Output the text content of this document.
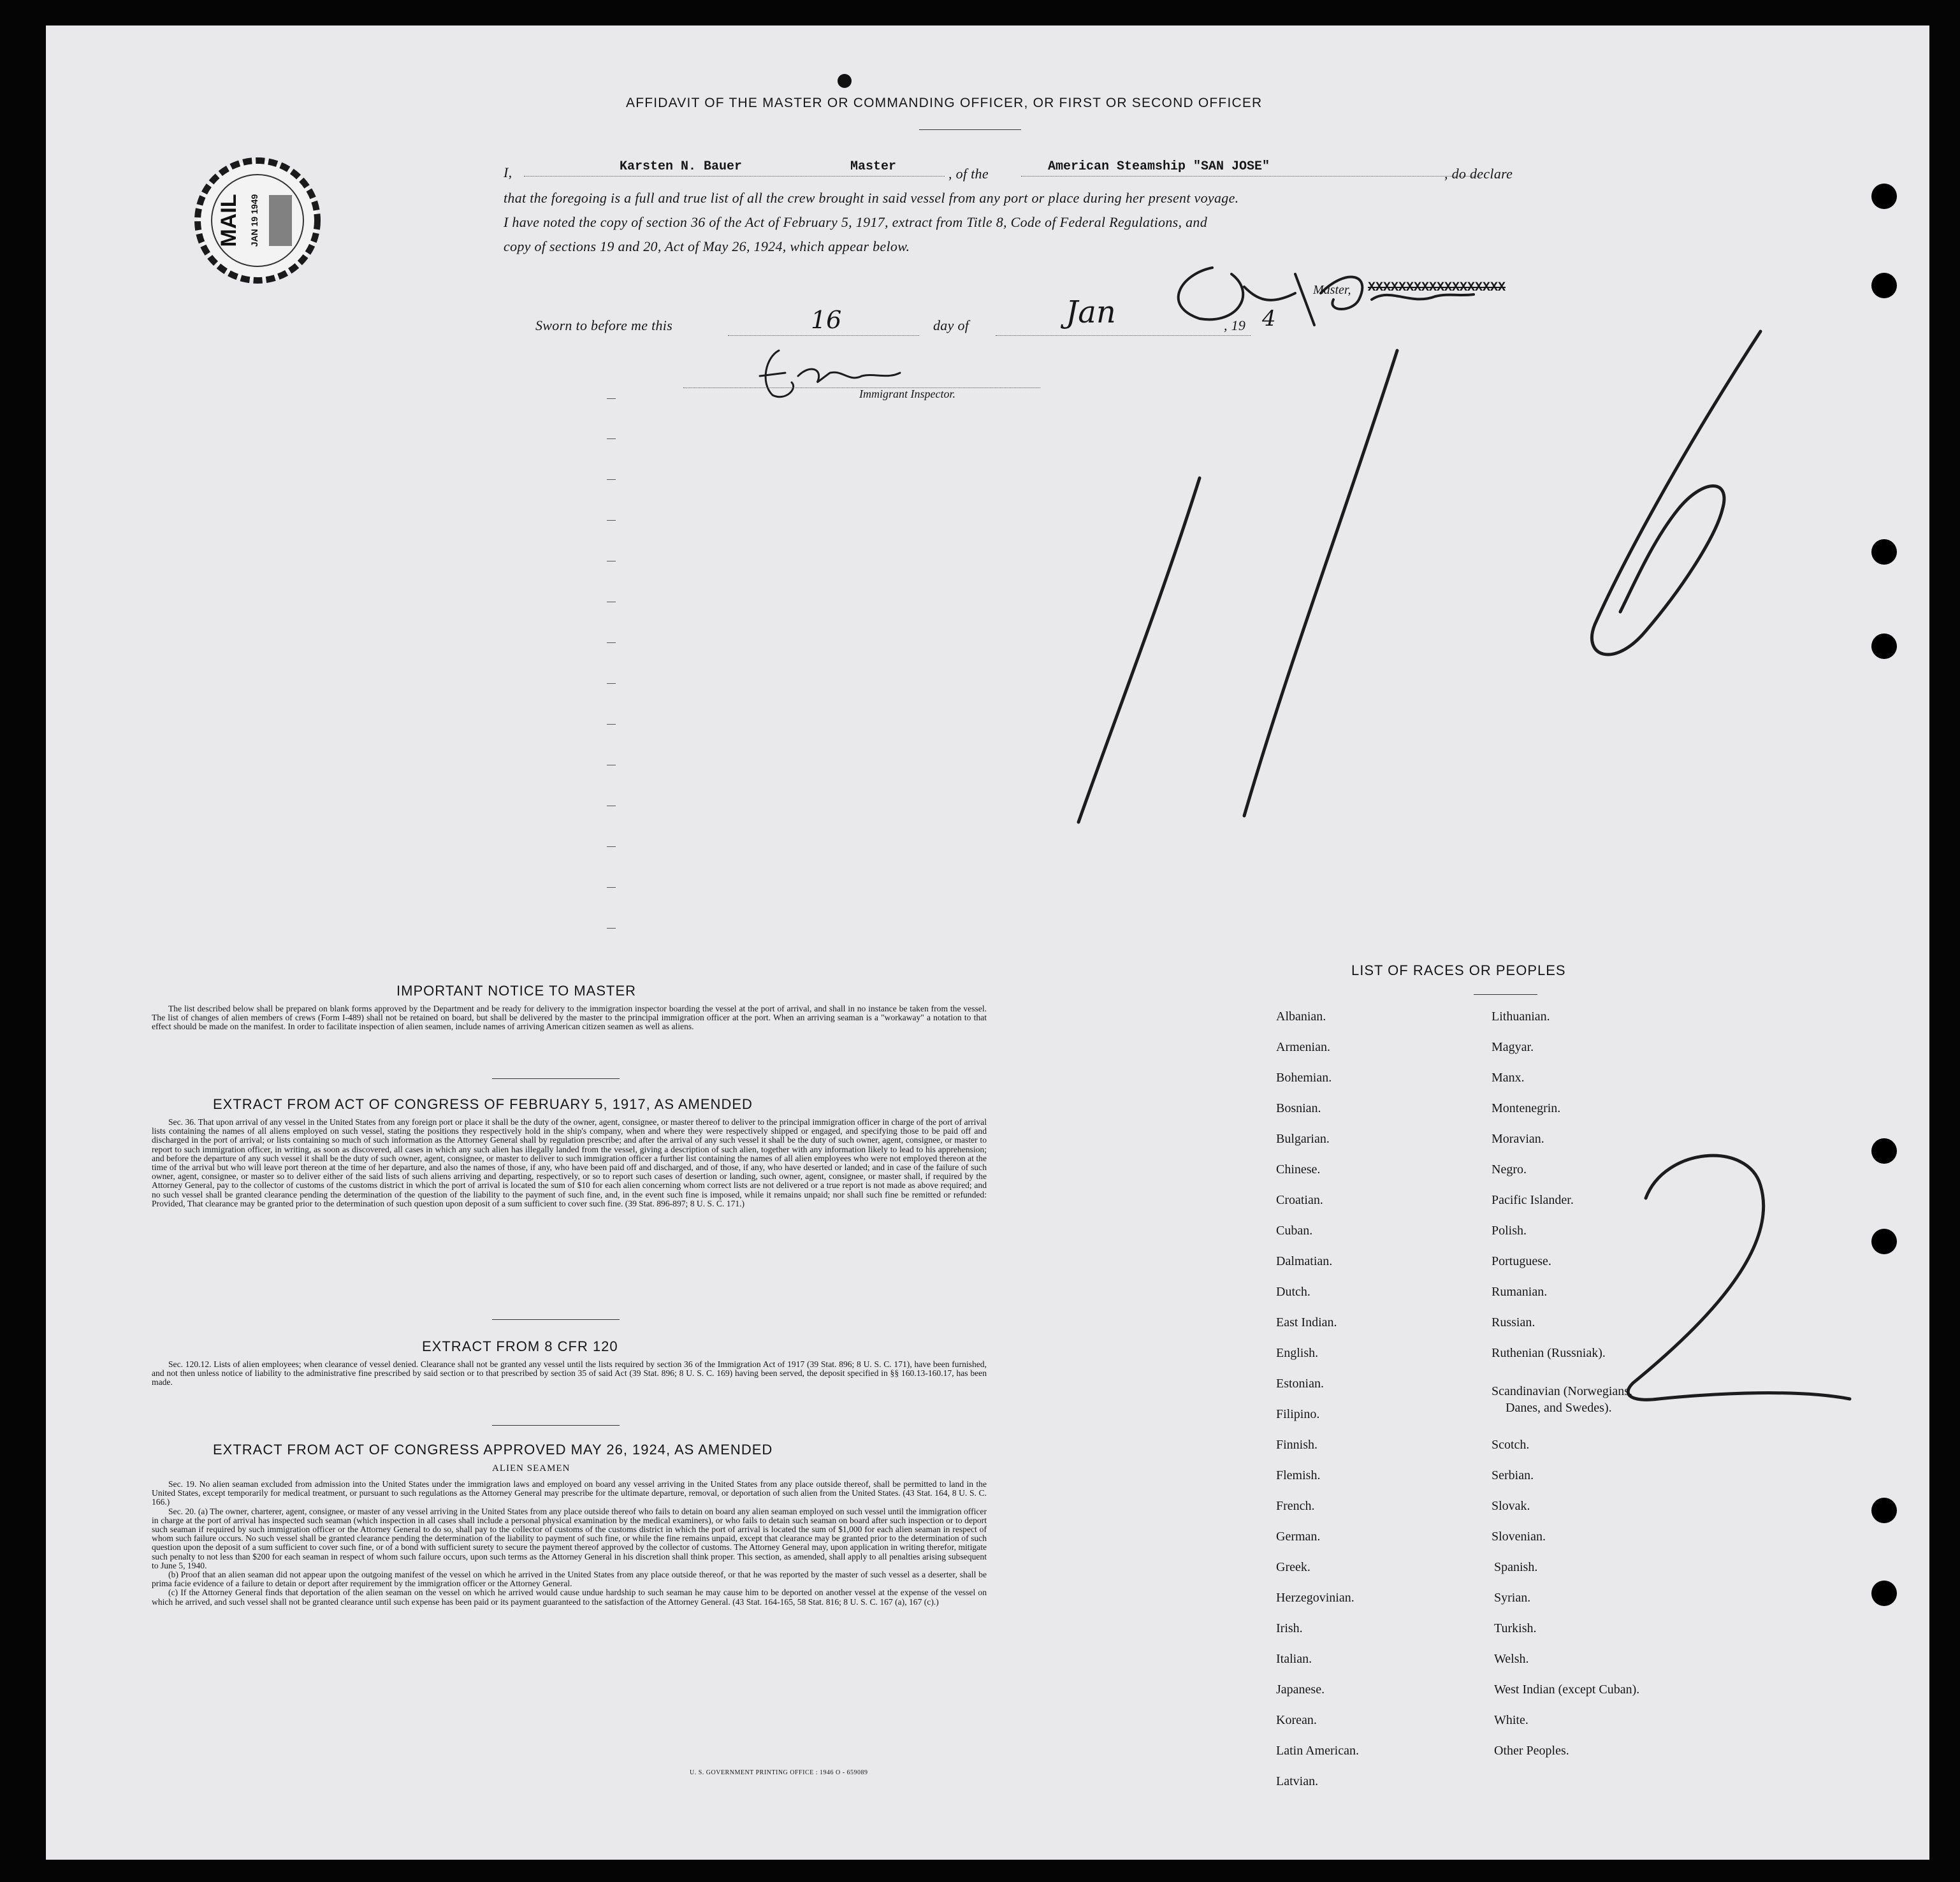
AFFIDAVIT OF THE MASTER OR COMMANDING OFFICER, OR FIRST OR SECOND OFFICER
MAIL JAN 19 1949
I,	Karsten N. Bauer	Master	, of the	American Steamship "SAN JOSE"	, do declare
that the foregoing is a full and true list of all the crew brought in said vessel from any port or place during her present voyage.
I have noted the copy of section 36 of the Act of February 5, 1917, extract from Title 8, Code of Federal Regulations, and
copy of sections 19 and 20, Act of May 26, 1924, which appear below.
Master, XXXXXXXXXXXXXXXXXX
Sworn to before me this	16	day of	Jan	, 19 4
Immigrant Inspector.
IMPORTANT NOTICE TO MASTER

The list described below shall be prepared on blank forms approved by the Department and be ready for delivery to the immigration inspector boarding the vessel at the port of arrival, and shall in no instance be taken from the vessel. The list of changes of alien members of crews (Form I-489) shall not be retained on board, but shall be delivered by the master to the principal immigration officer at the port. When an arriving seaman is a "workaway" a notation to that effect should be made on the manifest. In order to facilitate inspection of alien seamen, include names of arriving American citizen seamen as well as aliens.

EXTRACT FROM ACT OF CONGRESS OF FEBRUARY 5, 1917, AS AMENDED

Sec. 36. That upon arrival of any vessel in the United States from any foreign port or place it shall be the duty of the owner, agent, consignee, or master thereof to deliver to the principal immigration officer in charge of the port of arrival lists containing the names of all aliens employed on such vessel, stating the positions they respectively hold in the ship's company, when and where they were respectively shipped or engaged, and specifying those to be paid off and discharged in the port of arrival; or lists containing so much of such information as the Attorney General shall by regulation prescribe; and after the arrival of any such vessel it shall be the duty of such owner, agent, consignee, or master to report to such immigration officer, in writing, as soon as discovered, all cases in which any such alien has illegally landed from the vessel, giving a description of such alien, together with any information likely to lead to his apprehension; and before the departure of any such vessel it shall be the duty of such owner, agent, consignee, or master to deliver to such immigration officer a further list containing the names of all alien employees who were not employed thereon at the time of the arrival but who will leave port thereon at the time of her departure, and also the names of those, if any, who have been paid off and discharged, and of those, if any, who have deserted or landed; and in case of the failure of such owner, agent, consignee, or master so to deliver either of the said lists of such aliens arriving and departing, respectively, or so to report such cases of desertion or landing, such owner, agent, consignee, or master shall, if required by the Attorney General, pay to the collector of customs of the customs district in which the port of arrival is located the sum of $10 for each alien concerning whom correct lists are not delivered or a true report is not made as above required; and no such vessel shall be granted clearance pending the determination of the question of the liability to the payment of such fine, and, in the event such fine is imposed, while it remains unpaid; nor shall such fine be remitted or refunded: Provided, That clearance may be granted prior to the determination of such question upon deposit of a sum sufficient to cover such fine. (39 Stat. 896-897; 8 U. S. C. 171.)

EXTRACT FROM 8 CFR 120

Sec. 120.12. Lists of alien employees; when clearance of vessel denied. Clearance shall not be granted any vessel until the lists required by section 36 of the Immigration Act of 1917 (39 Stat. 896; 8 U. S. C. 171), have been furnished, and not then unless notice of liability to the administrative fine prescribed by said section or to that prescribed by section 35 of said Act (39 Stat. 896; 8 U. S. C. 169) having been served, the deposit specified in §§ 160.13-160.17, has been made.

EXTRACT FROM ACT OF CONGRESS APPROVED MAY 26, 1924, AS AMENDED
ALIEN SEAMEN

Sec. 19. No alien seaman excluded from admission into the United States under the immigration laws and employed on board any vessel arriving in the United States from any place outside thereof, shall be permitted to land in the United States, except temporarily for medical treatment, or pursuant to such regulations as the Attorney General may prescribe for the ultimate departure, removal, or deportation of such alien from the United States. (43 Stat. 164, 8 U. S. C. 166.)

Sec. 20. (a) The owner, charterer, agent, consignee, or master of any vessel arriving in the United States from any place outside thereof who fails to detain on board any alien seaman employed on such vessel until the immigration officer in charge at the port of arrival has inspected such seaman (which inspection in all cases shall include a personal physical examination by the medical examiners), or who fails to detain such seaman on board after such inspection or to deport such seaman if required by such immigration officer or the Attorney General to do so, shall pay to the collector of customs of the customs district in which the port of arrival is located the sum of $1,000 for each alien seaman in respect of whom such failure occurs. No such vessel shall be granted clearance pending the determination of the liability to payment of such fine, or while the fine remains unpaid, except that clearance may be granted prior to the determination of such question upon the deposit of a sum sufficient to cover such fine, or of a bond with sufficient surety to secure the payment thereof approved by the collector of customs. The Attorney General may, upon application in writing therefor, mitigate such penalty to not less than $200 for each seaman in respect of whom such failure occurs, upon such terms as the Attorney General in his discretion shall think proper. This section, as amended, shall apply to all penalties arising subsequent to June 5, 1940.

(b) Proof that an alien seaman did not appear upon the outgoing manifest of the vessel on which he arrived in the United States from any place outside thereof, or that he was reported by the master of such vessel as a deserter, shall be prima facie evidence of a failure to detain or deport after requirement by the immigration officer or the Attorney General.

(c) If the Attorney General finds that deportation of the alien seaman on the vessel on which he arrived would cause undue hardship to such seaman he may cause him to be deported on another vessel at the expense of the vessel on which he arrived, and such vessel shall not be granted clearance until such expense has been paid or its payment guaranteed to the satisfaction of the Attorney General. (43 Stat. 164-165, 58 Stat. 816; 8 U. S. C. 167 (a), 167 (c).)

U. S. GOVERNMENT PRINTING OFFICE : 1946 O - 659089
LIST OF RACES OR PEOPLES
Albanian.
Armenian.
Bohemian.
Bosnian.
Bulgarian.
Chinese.
Croatian.
Cuban.
Dalmatian.
Dutch.
East Indian.
English.
Estonian.
Filipino.
Finnish.
Flemish.
French.
German.
Greek.
Herzegovinian.
Irish.
Italian.
Japanese.
Korean.
Latin American.
Latvian.
Lithuanian.
Magyar.
Manx.
Montenegrin.
Moravian.
Negro.
Pacific Islander.
Polish.
Portuguese.
Rumanian.
Russian.
Ruthenian (Russniak).
Scandinavian (Norwegians,
Danes, and Swedes).
Scotch.
Serbian.
Slovak.
Slovenian.
Spanish.
Syrian.
Turkish.
Welsh.
West Indian (except Cuban).
White.
Other Peoples.
